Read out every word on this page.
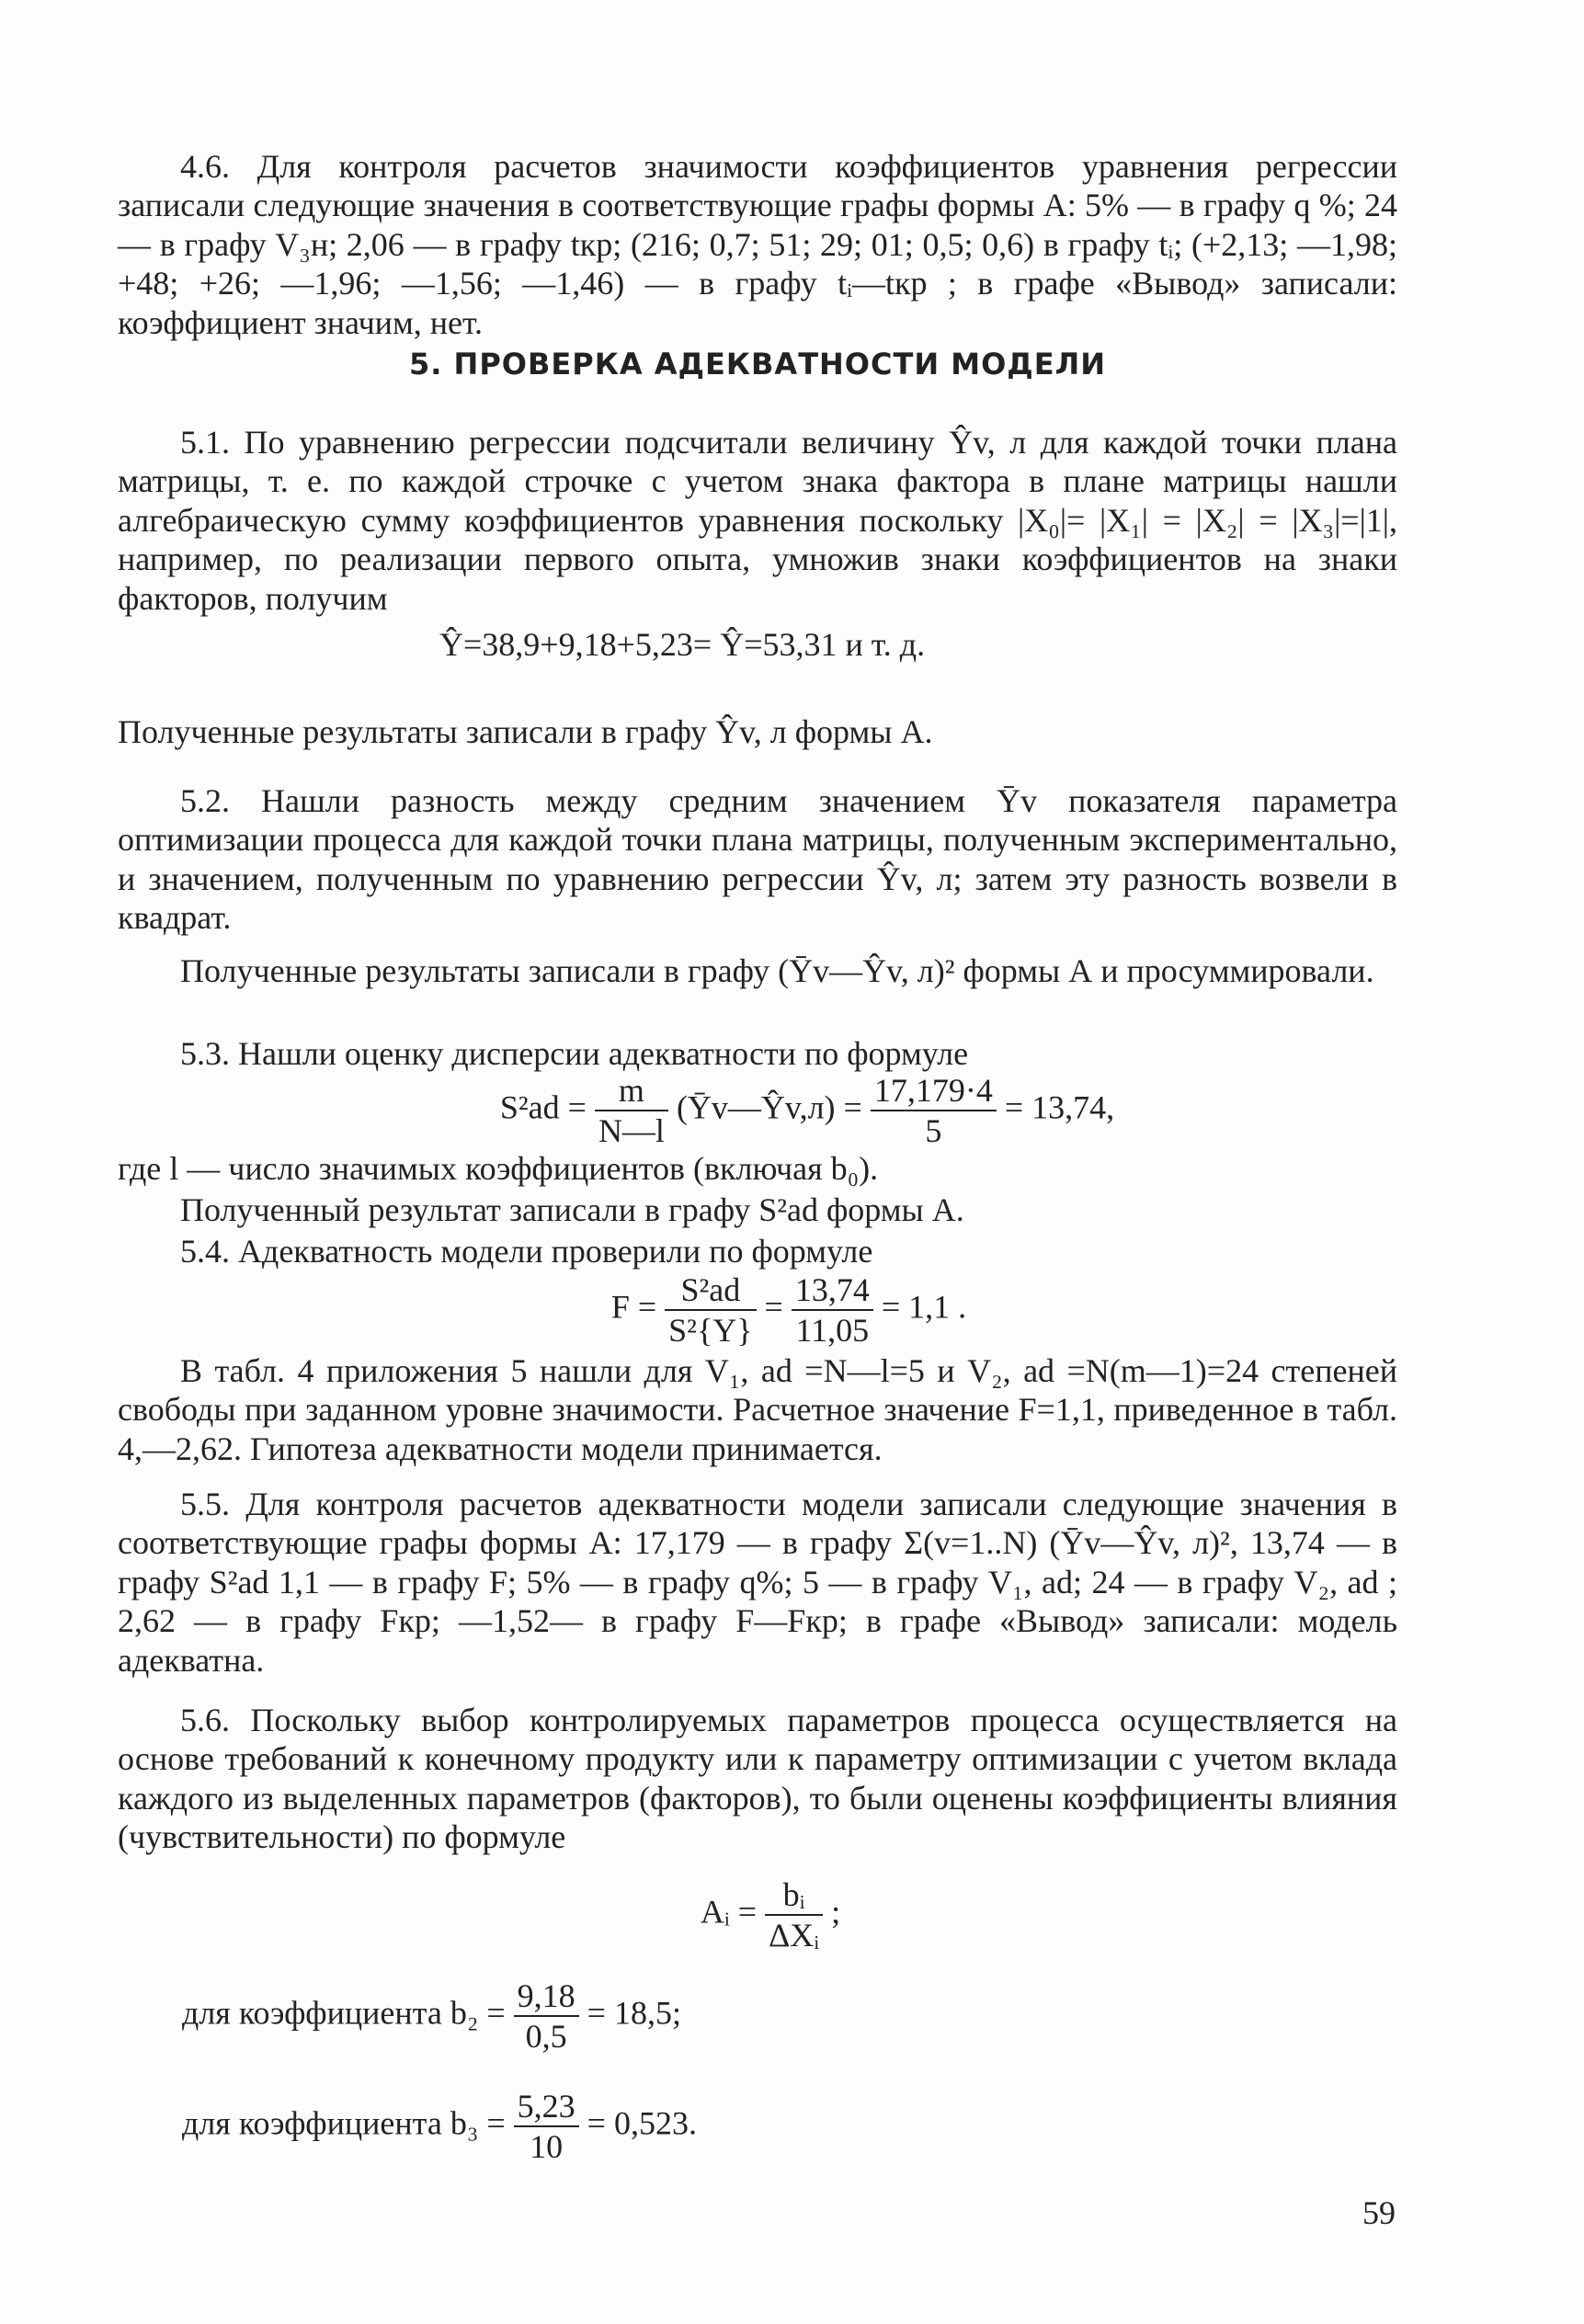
4.6. Для контроля расчетов значимости коэффициентов уравнения регрессии записали следующие значения в соответствующие графы формы А: 5% — в графу q %; 24 — в графу V₃н; 2,06 — в графу tкр; (216; 0,7; 51; 29; 01; 0,5; 0,6) в графу tᵢ; (+2,13; —1,98; +48; +26; —1,96; —1,56; —1,46) — в графу tᵢ—tкр ; в графе «Вывод» записали: коэффициент значим, нет.

5. ПРОВЕРКА АДЕКВАТНОСТИ МОДЕЛИ

5.1. По уравнению регрессии подсчитали величину Ŷv, л для каждой точки плана матрицы, т. е. по каждой строчке с учетом знака фактора в плане матрицы нашли алгебраическую сумму коэффициентов уравнения поскольку |X₀|= |X₁| = |X₂| = |X₃|=|1|, например, по реализации первого опыта, умножив знаки коэффициентов на знаки факторов, получим

Ŷ=38,9+9,18+5,23= Ŷ=53,31 и т. д.

Полученные результаты записали в графу Ŷv, л формы А.

5.2. Нашли разность между средним значением Ȳv показателя параметра оптимизации процесса для каждой точки плана матрицы, полученным экспериментально, и значением, полученным по уравнению регрессии Ŷv, л; затем эту разность возвели в квадрат.

Полученные результаты записали в графу (Ȳv—Ŷv, л)² формы А и просуммировали.

5.3. Нашли оценку дисперсии адекватности по формуле

$S^2ad = \frac{m}{N—l}$ (Ȳv—Ŷv,л) = $\frac{17,179\cdot 4}{5} = 13,74$,

где l — число значимых коэффициентов (включая b₀).

Полученный результат записали в графу S²ad формы А.

5.4. Адекватность модели проверили по формуле

$F = \frac{\text{S²ad}}{\text{S²\{Y\}}} = \frac{13,74}{11,05} = 1,1$ .

В табл. 4 приложения 5 нашли для V₁, ad =N—l=5 и V₂, ad =N(m—1)=24 степеней свободы при заданном уровне значимости. Расчетное значение F=1,1, приведенное в табл. 4,—2,62. Гипотеза адекватности модели принимается.

5.5. Для контроля расчетов адекватности модели записали следующие значения в соответствующие графы формы А: 17,179 — в графу Σ(v=1..N) (Ȳv—Ŷv, л)², 13,74 — в графу S²ad 1,1 — в графу F; 5% — в графу q%; 5 — в графу V₁, ad; 24 — в графу V₂, ad ; 2,62 — в графу Fкр; —1,52— в графу F—Fкр; в графе «Вывод» записали: модель адекватна.

5.6. Поскольку выбор контролируемых параметров процесса осуществляется на основе требований к конечному продукту или к параметру оптимизации с учетом вклада каждого из выделенных параметров (факторов), то были оценены коэффициенты влияния (чувствительности) по формуле

Aᵢ = $\frac{\text{bᵢ}}{\text{ΔXᵢ}}$ ;
для коэффициента $b_2 = \frac{9,18}{0,5} = 18,5$;
для коэффициента $b_3 = \frac{5,23}{10} = 0,523$.
59
